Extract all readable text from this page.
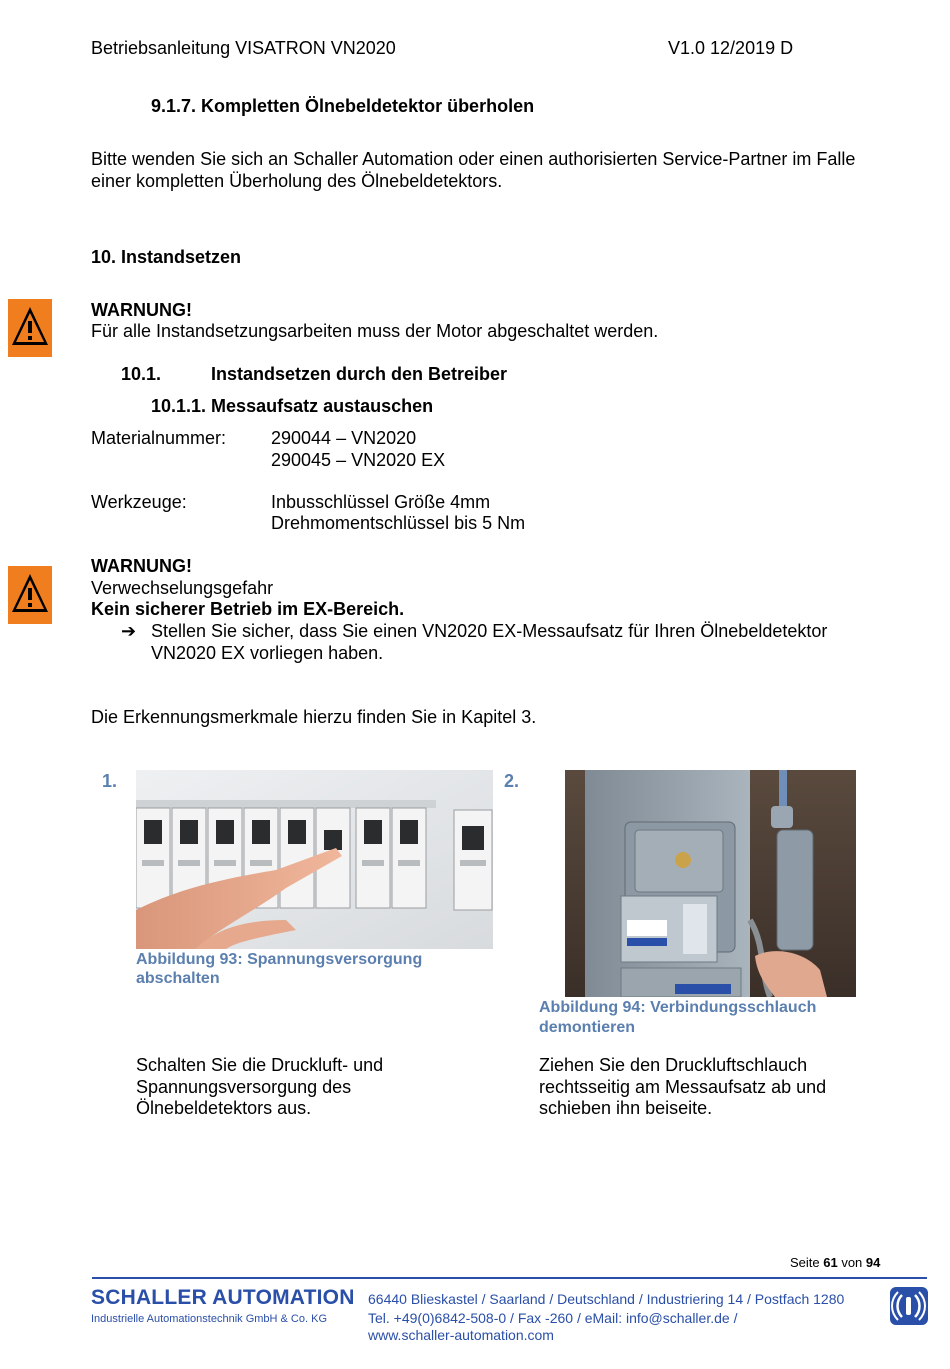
Betriebsanleitung VISATRON VN2020	V1.0 12/2019 D
9.1.7. Kompletten Ölnebeldetektor überholen
Bitte wenden Sie sich an Schaller Automation oder einen authorisierten Service-Partner im Falle
einer kompletten Überholung des Ölnebeldetektors.
10. Instandsetzen
WARNUNG!
Für alle Instandsetzungsarbeiten muss der Motor abgeschaltet werden.
10.1.	Instandsetzen durch den Betreiber
10.1.1. Messaufsatz austauschen
Materialnummer: 290044 – VN2020
290045 – VN2020 EX
Werkzeuge:	Inbusschlüssel Größe 4mm
Drehmomentschlüssel bis 5 Nm
WARNUNG!
Verwechselungsgefahr
Kein sicherer Betrieb im EX-Bereich.
➔ Stellen Sie sicher, dass Sie einen VN2020 EX-Messaufsatz für Ihren Ölnebeldetektor
VN2020 EX vorliegen haben.
Die Erkennungsmerkmale hierzu finden Sie in Kapitel 3.
1.
Abbildung 93: Spannungsversorgung
abschalten
Schalten Sie die Druckluft- und
Spannungsversorgung des
Ölnebeldetektors aus.
2.
Abbildung 94: Verbindungsschlauch
demontieren
Ziehen Sie den Druckluftschlauch
rechtsseitig am Messaufsatz ab und
schieben ihn beiseite.
Seite 61 von 94
SCHALLER AUTOMATION
Industrielle Automationstechnik GmbH & Co. KG
66440 Blieskastel / Saarland / Deutschland / Industriering 14 / Postfach 1280
Tel. +49(0)6842-508-0 / Fax -260 / eMail: info@schaller.de /
www.schaller-automation.com
